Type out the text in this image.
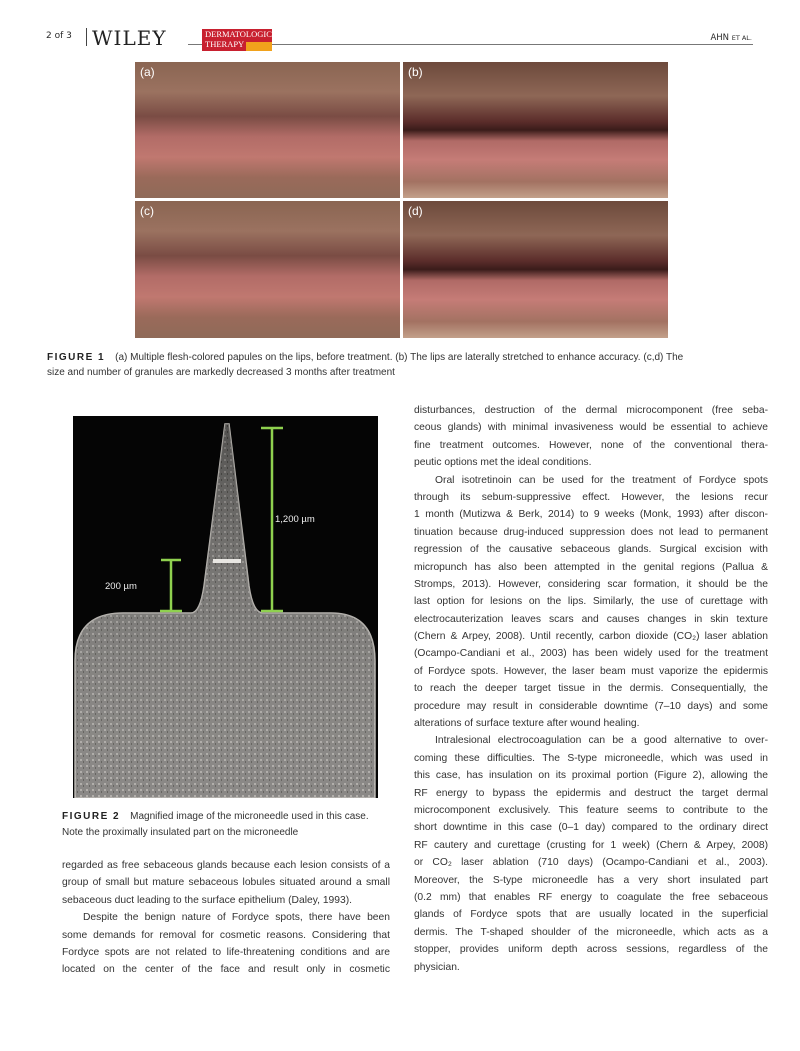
2 of 3 WILEY	DERMATOLOGIC
THERAPY
AHN ET AL.
(a)	(b)
(c)	(d)
FIGURE 1 (a) Multiple flesh-colored papules on the lips, before treatment. (b) The lips are laterally stretched to enhance accuracy. (c,d) The
size and number of granules are markedly decreased 3 months after treatment
1,200 µm
200 µm
FIGURE 2 Magnified image of the microneedle used in this case.
Note the proximally insulated part on the microneedle
regarded as free sebaceous glands because each lesion consists of a
group of small but mature sebaceous lobules situated around a small
sebaceous duct leading to the surface epithelium (Daley, 1993).
Despite the benign nature of Fordyce spots, there have been
some demands for removal for cosmetic reasons. Considering that
Fordyce spots are not related to life-threatening conditions and are
located on the center of the face and result only in cosmetic
disturbances, destruction of the dermal microcomponent (free seba-
ceous glands) with minimal invasiveness would be essential to achieve
fine treatment outcomes. However, none of the conventional thera-
peutic options met the ideal conditions.
Oral isotretinoin can be used for the treatment of Fordyce spots
through its sebum-suppressive effect. However, the lesions recur
1 month (Mutizwa & Berk, 2014) to 9 weeks (Monk, 1993) after discon-
tinuation because drug-induced suppression does not lead to permanent
regression of the causative sebaceous glands. Surgical excision with
micropunch has also been attempted in the genital regions (Pallua &
Stromps, 2013). However, considering scar formation, it should be the
last option for lesions on the lips. Similarly, the use of curettage with
electrocauterization leaves scars and causes changes in skin texture
(Chern & Arpey, 2008). Until recently, carbon dioxide (CO₂) laser ablation
(Ocampo-Candiani et al., 2003) has been widely used for the treatment
of Fordyce spots. However, the laser beam must vaporize the epidermis
to reach the deeper target tissue in the dermis. Consequentially, the
procedure may result in considerable downtime (7–10 days) and some
alterations of surface texture after wound healing.
Intralesional electrocoagulation can be a good alternative to over-
coming these difficulties. The S-type microneedle, which was used in
this case, has insulation on its proximal portion (Figure 2), allowing the
RF energy to bypass the epidermis and destruct the target dermal
microcomponent exclusively. This feature seems to contribute to the
short downtime in this case (0–1 day) compared to the ordinary direct
RF cautery and curettage (crusting for 1 week) (Chern & Arpey, 2008)
or CO₂ laser ablation (710 days) (Ocampo-Candiani et al., 2003).
Moreover, the S-type microneedle has a very short insulated part
(0.2 mm) that enables RF energy to coagulate the free sebaceous
glands of Fordyce spots that are usually located in the superficial
dermis. The T-shaped shoulder of the microneedle, which acts as a
stopper, provides uniform depth across sessions, regardless of the
physician.
